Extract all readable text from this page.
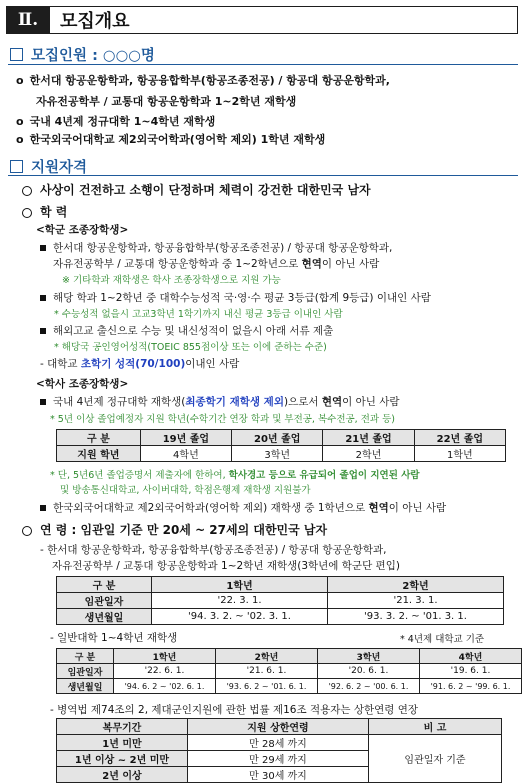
Ⅱ.	모집개요
모집인원 : ○○○명
o 한서대 항공운항학과, 항공융합학부(항공조종전공) / 항공대 항공운항학과,
자유전공학부 / 교통대 항공운항학과 1~2학년 재학생
o 국내 4년제 정규대학 1~4학년 재학생
o 한국외국어대학교 제2외국어학과(영어학 제외) 1학년 재학생
지원자격
사상이 건전하고 소행이 단정하며 체력이 강건한 대한민국 남자
학 력
<학군 조종장학생>
한서대 항공운항학과, 항공융합학부(항공조종전공) / 항공대 항공운항학과,
자유전공학부 / 교통대 항공운항학과 중 1~2학년으로 현역이 아닌 사람
※ 기타학과 재학생은 학사 조종장학생으로 지원 가능
해당 학과 1~2학년 중 대학수능성적 국·영·수 평균 3등급(합계 9등급) 이내인 사람
* 수능성적 없을시 고교3학년 1학기까지 내신 평균 3등급 이내인 사람
해외고교 출신으로 수능 및 내신성적이 없을시 아래 서류 제출
* 해당국 공인영어성적(TOEIC 855점이상 또는 이에 준하는 수준)
- 대학교 초학기 성적(70/100)이내인 사람
<학사 조종장학생>
국내 4년제 정규대학 재학생(최종학기 재학생 제외)으로서 현역이 아닌 사람
* 5년 이상 졸업예정자 지원 학년(수학기간 연장 학과 및 부전공, 복수전공, 전과 등)
구 분	19년 졸업	20년 졸업	21년 졸업	22년 졸업
지원 학년	4학년	3학년	2학년	1학년
* 단, 5년6년 졸업증명서 제출자에 한하여, 학사경고 등으로 유급되어 졸업이 지연된 사람
및 방송통신대학교, 사이버대학, 학점은행제 재학생 지원불가
한국외국어대학교 제2외국어학과(영어학 제외) 재학생 중 1학년으로 현역이 아닌 사람
연 령 : 임관일 기준 만 20세 ~ 27세의 대한민국 남자
- 한서대 항공운항학과, 항공융합학부(항공조종전공) / 항공대 항공운항학과,
자유전공학부 / 교통대 항공운항학과 1~2학년 재학생(3학년에 학군단 편입)
구 분	1학년	2학년
임관일자	'22. 3. 1.	'21. 3. 1.
생년월일	'94. 3. 2. ~ '02. 3. 1.	'93. 3. 2. ~ '01. 3. 1.
- 일반대학 1~4학년 재학생	* 4년제 대학교 기준
구 분	1학년	2학년	3학년	4학년
임관일자	'22. 6. 1.	'21. 6. 1.	'20. 6. 1.	'19. 6. 1.
생년월일	'94. 6. 2 ~ '02. 6. 1.	'93. 6. 2 ~ '01. 6. 1.	'92. 6. 2 ~ '00. 6. 1.	'91. 6. 2 ~ '99. 6. 1.
- 병역법 제74조의 2, 제대군인지원에 관한 법률 제16조 적용자는 상한연령 연장
복무기간	지원 상한연령	비 고
1년 미만	만 28세 까지	임관일자 기준
1년 이상 ~ 2년 미만	만 29세 까지	
2년 이상	만 30세 까지	
